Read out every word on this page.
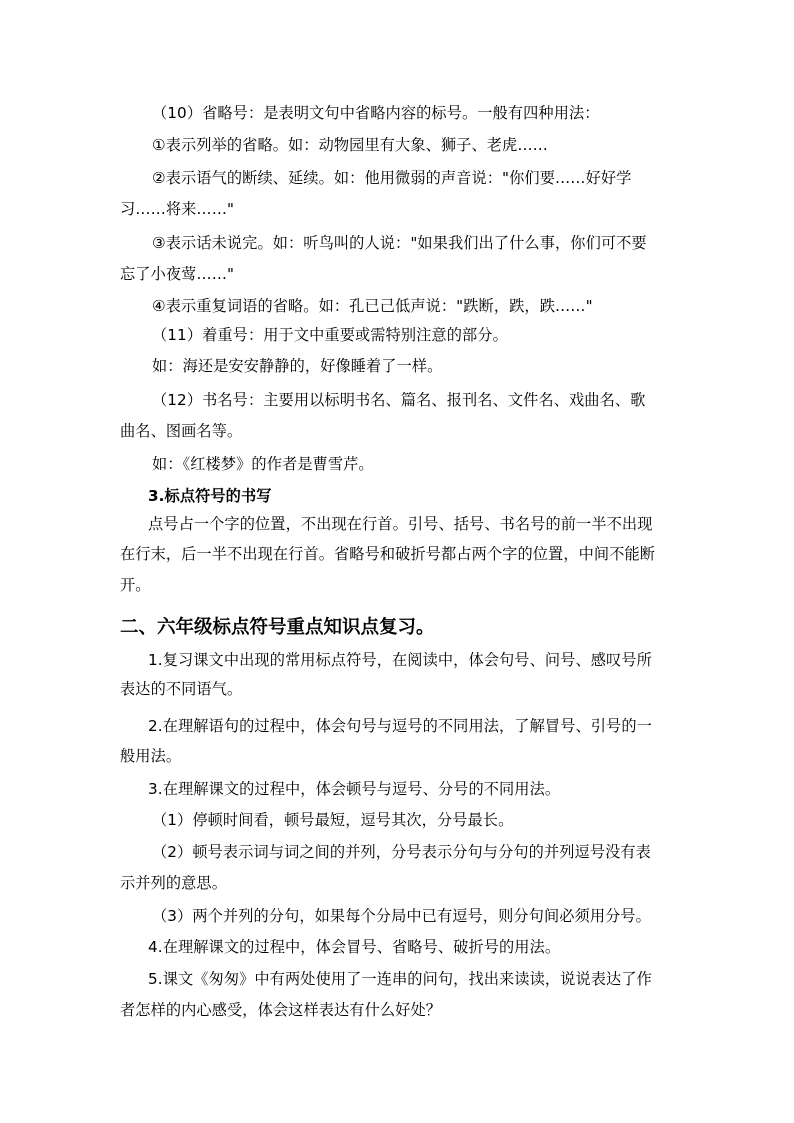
（10）省略号：是表明文句中省略内容的标号。一般有四种用法：
①表示列举的省略。如：动物园里有大象、狮子、老虎……
②表示语气的断续、延续。如：他用微弱的声音说："你们要……好好学
习……将来……"
③表示话未说完。如：听鸟叫的人说："如果我们出了什么事，你们可不要
忘了小夜莺……"
④表示重复词语的省略。如：孔已己低声说："跌断，跌，跌……"
（11）着重号：用于文中重要或需特别注意的部分。
如：海还是安安静静的，好像睡着了一样。
（12）书名号：主要用以标明书名、篇名、报刊名、文件名、戏曲名、歌
曲名、图画名等。
如：《红楼梦》的作者是曹雪芹。
3.标点符号的书写
点号占一个字的位置，不出现在行首。引号、括号、书名号的前一半不出现
在行末，后一半不出现在行首。省略号和破折号都占两个字的位置，中间不能断
开。
二、六年级标点符号重点知识点复习。
1.复习课文中出现的常用标点符号，在阅读中，体会句号、问号、感叹号所
表达的不同语气。
2.在理解语句的过程中，体会句号与逗号的不同用法，了解冒号、引号的一
般用法。
3.在理解课文的过程中，体会顿号与逗号、分号的不同用法。
（1）停顿时间看，顿号最短，逗号其次，分号最长。
（2）顿号表示词与词之间的并列，分号表示分句与分句的并列逗号没有表
示并列的意思。
（3）两个并列的分句，如果每个分局中已有逗号，则分句间必须用分号。
4.在理解课文的过程中，体会冒号、省略号、破折号的用法。
5.课文《匆匆》中有两处使用了一连串的问句，找出来读读，说说表达了作
者怎样的内心感受，体会这样表达有什么好处？
